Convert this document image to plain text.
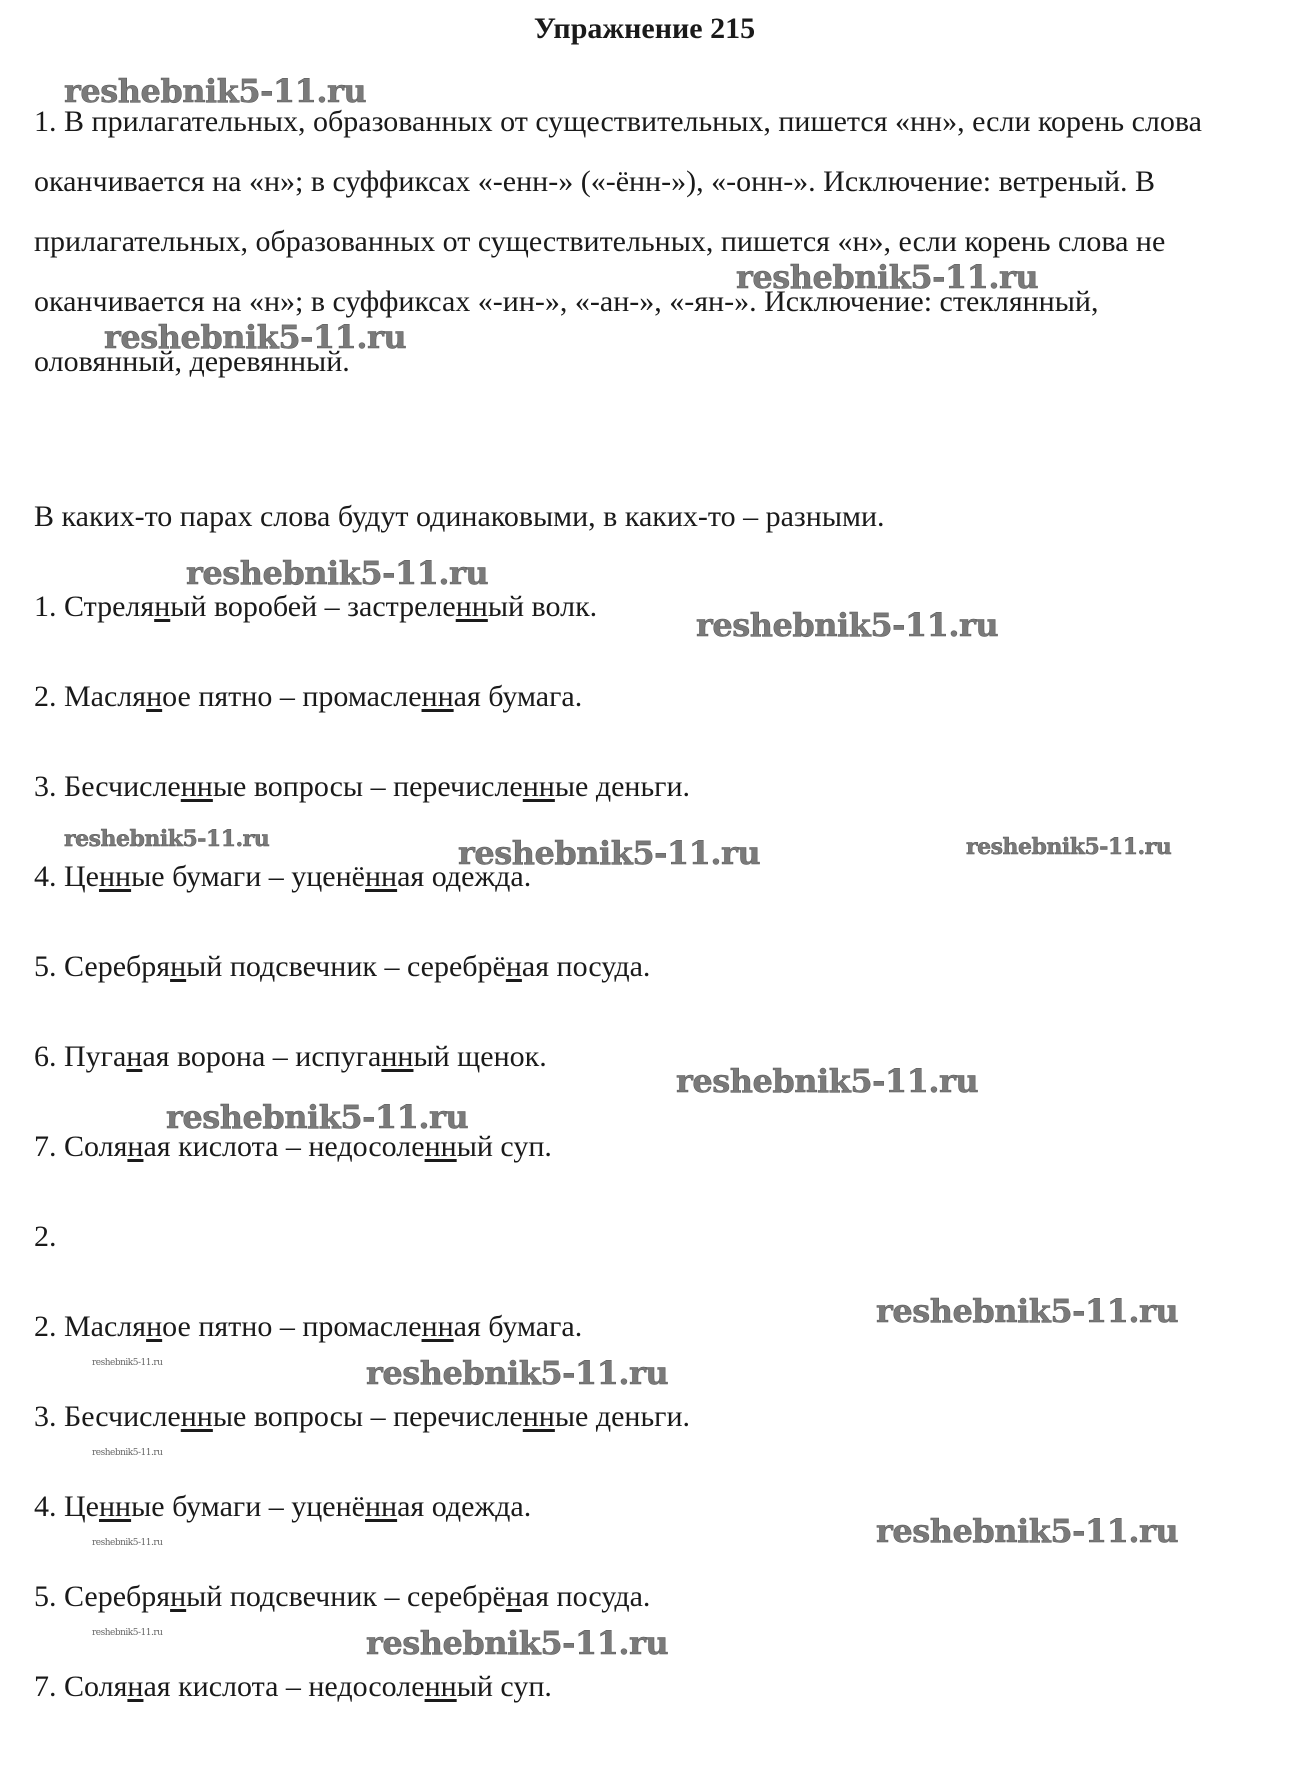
Упражнение 215

1. В прилагательных, образованных от существительных, пишется «нн», если корень слова оканчивается на «н»; в суффиксах «-енн-» («-ённ-»), «-онн-». Исключение: ветреный. В прилагательных, образованных от существительных, пишется «н», если корень слова не оканчивается на «н»; в суффиксах «-ин-», «-ан-», «-ян-». Исключение: стеклянный, оловянный, деревянный.

В каких-то парах слова будут одинаковыми, в каких-то – разными.
1. Стреляный воробей – застреленный волк.
2. Масляное пятно – промасленная бумага.
3. Бесчисленные вопросы – перечисленные деньги.
4. Ценные бумаги – уценённая одежда.
5. Серебряный подсвечник – серебрёная посуда.
6. Пуганая ворона – испуганный щенок.
7. Соляная кислота – недосоленный суп.
2.
2. Масляное пятно – промасленная бумага.
3. Бесчисленные вопросы – перечисленные деньги.
4. Ценные бумаги – уценённая одежда.
5. Серебряный подсвечник – серебрёная посуда.
7. Соляная кислота – недосоленный суп.
reshebnik5-11.ru
reshebnik5-11.ru
reshebnik5-11.ru
reshebnik5-11.ru
reshebnik5-11.ru
reshebnik5-11.ru	reshebnik5-11.ru	reshebnik5-11.ru
reshebnik5-11.ru
reshebnik5-11.ru
reshebnik5-11.ru
reshebnik5-11.ru	reshebnik5-11.ru
reshebnik5-11.ru
reshebnik5-11.ru	reshebnik5-11.ru
reshebnik5-11.ru	reshebnik5-11.ru
